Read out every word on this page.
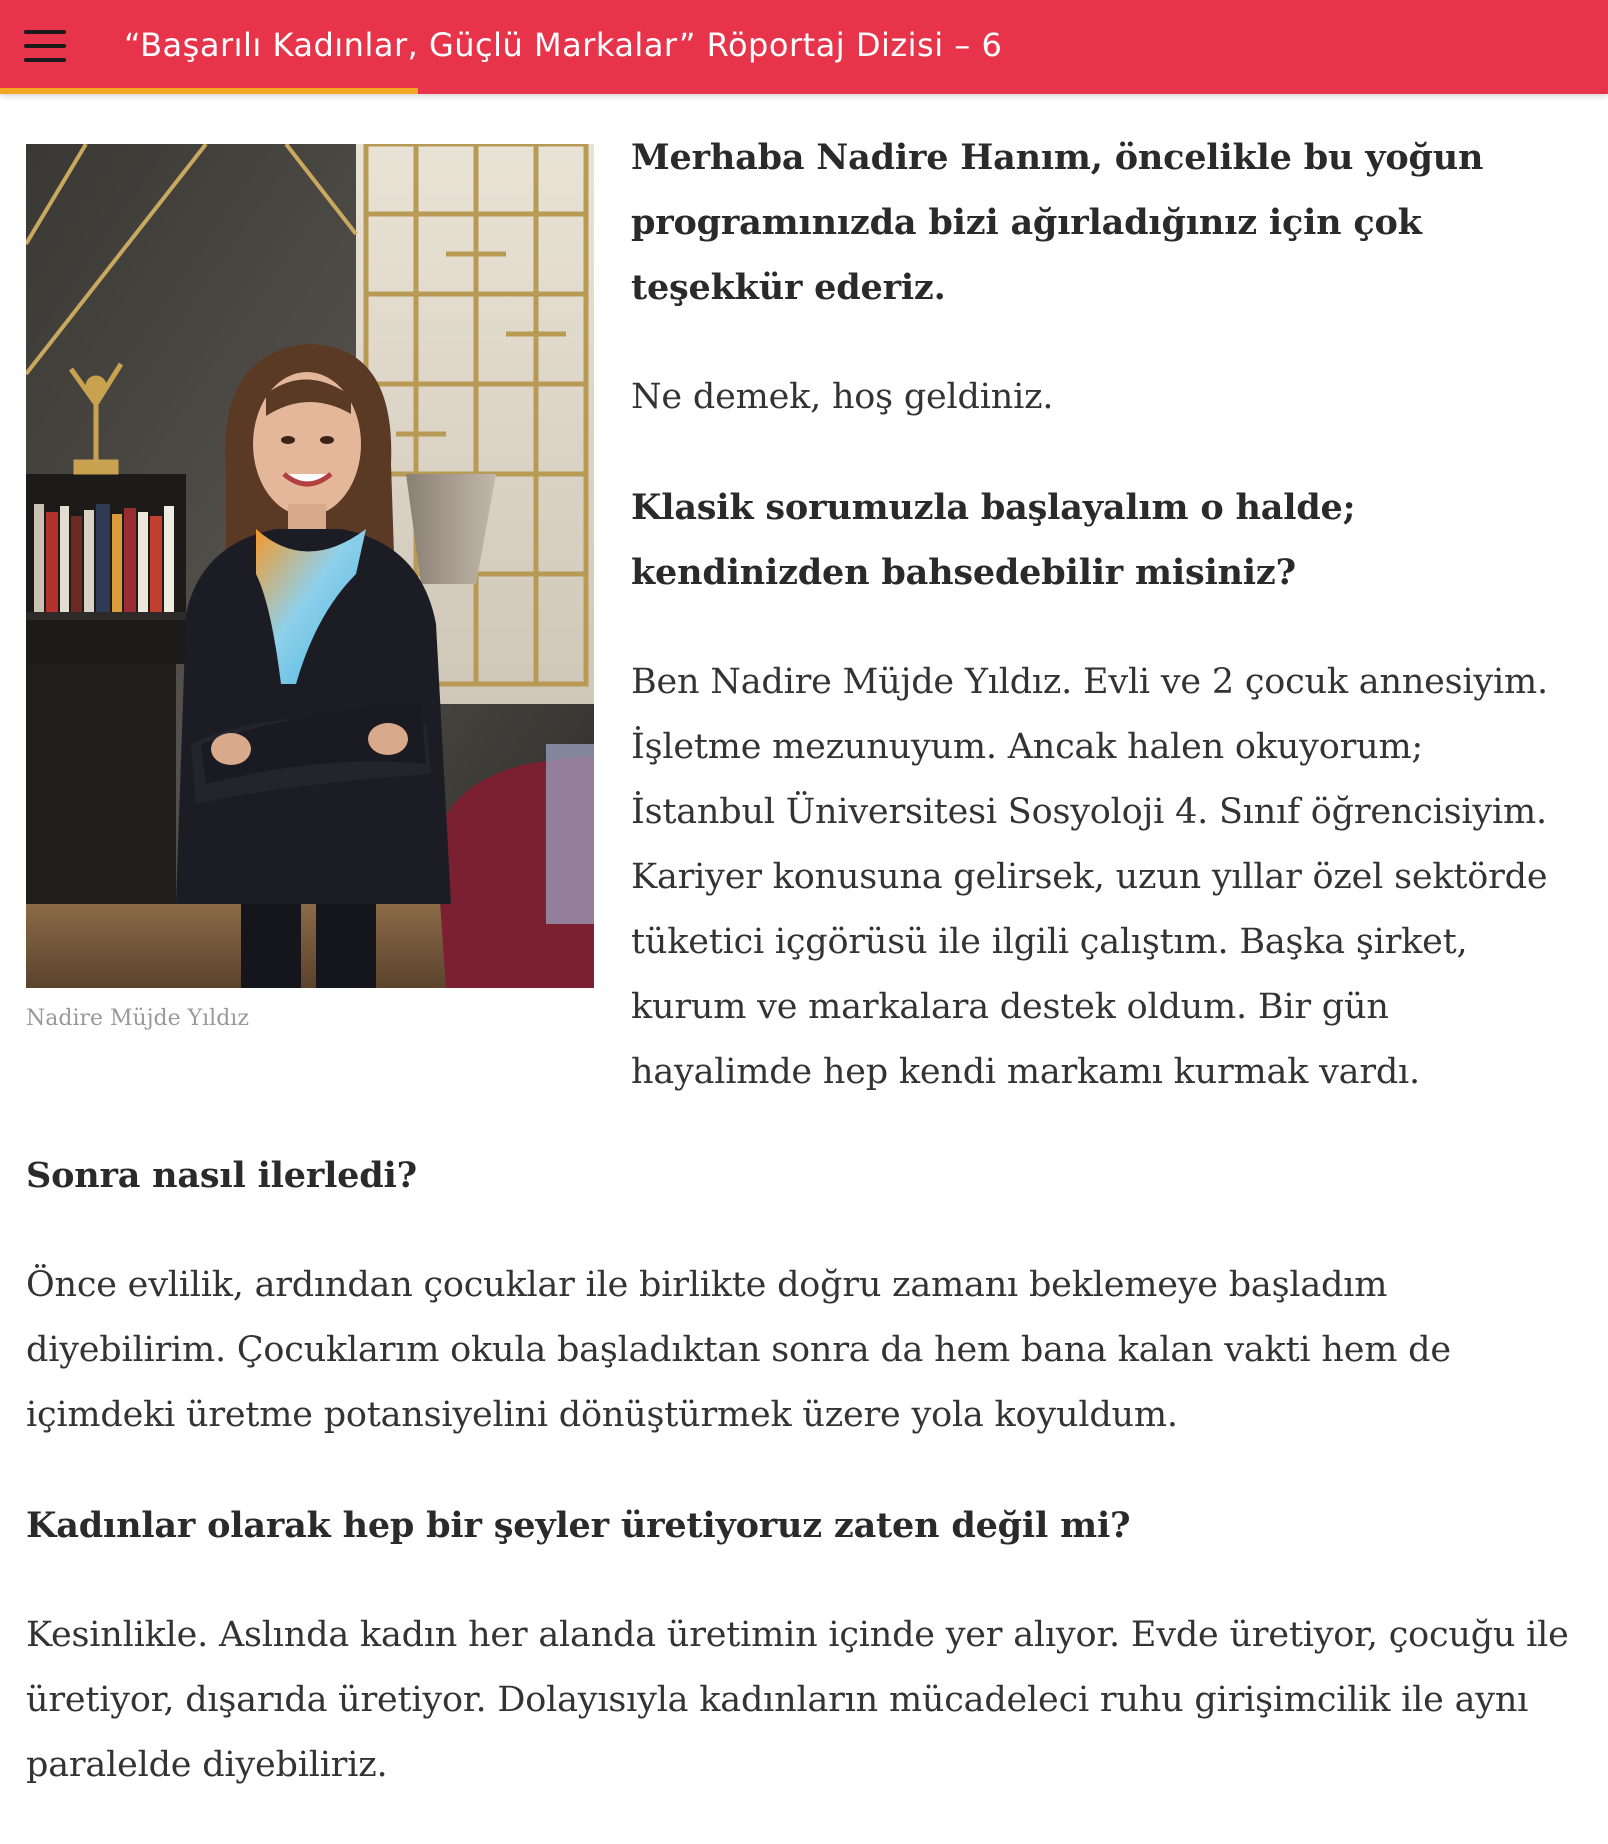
“Başarılı Kadınlar, Güçlü Markalar” Röportaj Dizisi – 6
Nadire Müjde Yıldız

Merhaba Nadire Hanım, öncelikle bu yoğun programınızda bizi ağırladığınız için çok teşekkür ederiz.

Ne demek, hoş geldiniz.

Klasik sorumuzla başlayalım o halde; kendinizden bahsedebilir misiniz?

Ben Nadire Müjde Yıldız. Evli ve 2 çocuk annesiyim. İşletme mezunuyum. Ancak halen okuyorum; İstanbul Üniversitesi Sosyoloji 4. Sınıf öğrencisiyim. Kariyer konusuna gelirsek, uzun yıllar özel sektörde tüketici içgörüsü ile ilgili çalıştım. Başka şirket, kurum ve markalara destek oldum. Bir gün hayalimde hep kendi markamı kurmak vardı.

Sonra nasıl ilerledi?

Önce evlilik, ardından çocuklar ile birlikte doğru zamanı beklemeye başladım diyebilirim. Çocuklarım okula başladıktan sonra da hem bana kalan vakti hem de içimdeki üretme potansiyelini dönüştürmek üzere yola koyuldum.

Kadınlar olarak hep bir şeyler üretiyoruz zaten değil mi?

Kesinlikle. Aslında kadın her alanda üretimin içinde yer alıyor. Evde üretiyor, çocuğu ile üretiyor, dışarıda üretiyor. Dolayısıyla kadınların mücadeleci ruhu girişimcilik ile aynı paralelde diyebiliriz.
